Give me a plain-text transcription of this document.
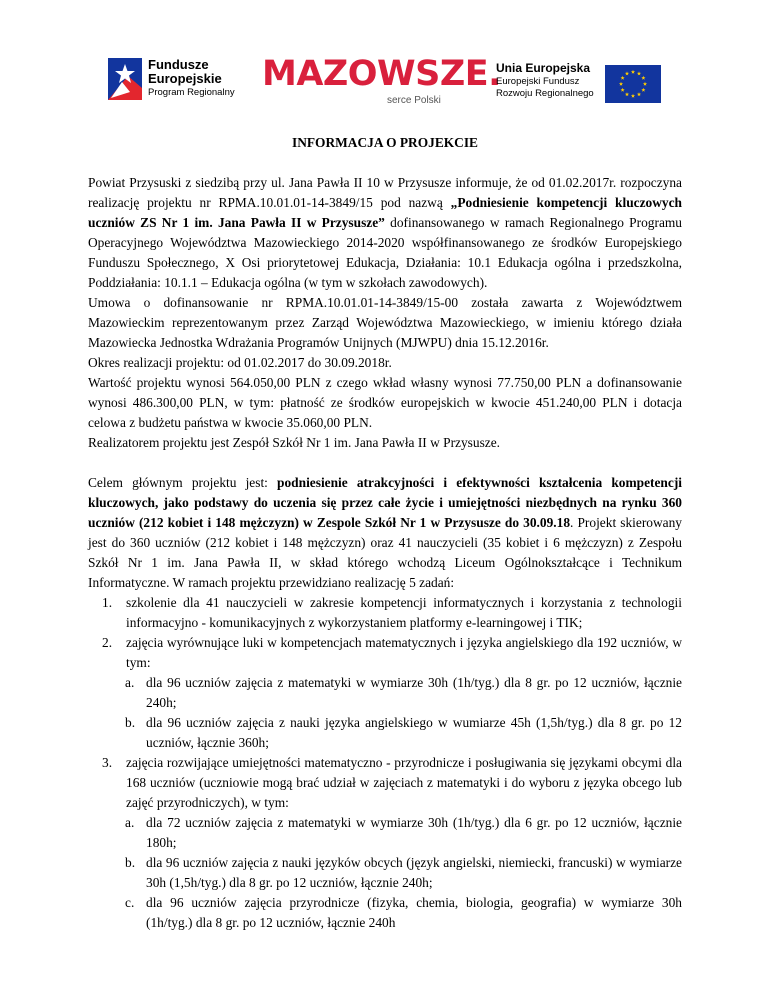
Fundusze
Europejskie
Program Regionalny MAZOWSZE.
serce Polski
Unia Europejska
Europejski Fundusz
Rozwoju Regionalnego
INFORMACJA O PROJEKCIE

Powiat Przysuski z siedzibą przy ul. Jana Pawła II 10 w Przysusze informuje, że od 01.02.2017r. rozpoczyna realizację projektu nr RPMA.10.01.01-14-3849/15 pod nazwą „Podniesienie kompetencji kluczowych uczniów ZS Nr 1 im. Jana Pawła II w Przysusze” dofinansowanego w ramach Regionalnego Programu Operacyjnego Województwa Mazowieckiego 2014-2020 współfinansowanego ze środków Europejskiego Funduszu Społecznego, X Osi priorytetowej Edukacja, Działania: 10.1 Edukacja ogólna i przedszkolna, Poddziałania: 10.1.1 – Edukacja ogólna (w tym w szkołach zawodowych).

Umowa o dofinansowanie nr RPMA.10.01.01-14-3849/15-00 została zawarta z Województwem Mazowieckim reprezentowanym przez Zarząd Województwa Mazowieckiego, w imieniu którego działa Mazowiecka Jednostka Wdrażania Programów Unijnych (MJWPU) dnia 15.12.2016r.

Okres realizacji projektu: od 01.02.2017 do 30.09.2018r.

Wartość projektu wynosi 564.050,00 PLN z czego wkład własny wynosi 77.750,00 PLN a dofinansowanie wynosi 486.300,00 PLN, w tym: płatność ze środków europejskich w kwocie 451.240,00 PLN i dotacja celowa z budżetu państwa w kwocie 35.060,00 PLN.

Realizatorem projektu jest Zespół Szkół Nr 1 im. Jana Pawła II w Przysusze.

Celem głównym projektu jest: podniesienie atrakcyjności i efektywności kształcenia kompetencji kluczowych, jako podstawy do uczenia się przez całe życie i umiejętności niezbędnych na rynku 360 uczniów (212 kobiet i 148 mężczyzn) w Zespole Szkół Nr 1 w Przysusze do 30.09.18. Projekt skierowany jest do 360 uczniów (212 kobiet i 148 mężczyzn) oraz 41 nauczycieli (35 kobiet i 6 mężczyzn) z Zespołu Szkół Nr 1 im. Jana Pawła II, w skład którego wchodzą Liceum Ogólnokształcące i Technikum Informatyczne. W ramach projektu przewidziano realizację 5 zadań:

1. szkolenie dla 41 nauczycieli w zakresie kompetencji informatycznych i korzystania z technologii informacyjno - komunikacyjnych z wykorzystaniem platformy e-learningowej i TIK;
2. zajęcia wyrównujące luki w kompetencjach matematycznych i języka angielskiego dla 192 uczniów, w tym:
a. dla 96 uczniów zajęcia z matematyki w wymiarze 30h (1h/tyg.) dla 8 gr. po 12 uczniów, łącznie 240h;
b. dla 96 uczniów zajęcia z nauki języka angielskiego w wumiarze 45h (1,5h/tyg.) dla 8 gr. po 12 uczniów, łącznie 360h;
3. zajęcia rozwijające umiejętności matematyczno - przyrodnicze i posługiwania się językami obcymi dla 168 uczniów (uczniowie mogą brać udział w zajęciach z matematyki i do wyboru z języka obcego lub zajęć przyrodniczych), w tym:
a. dla 72 uczniów zajęcia z matematyki w wymiarze 30h (1h/tyg.) dla 6 gr. po 12 uczniów, łącznie 180h;
b. dla 96 uczniów zajęcia z nauki języków obcych (język angielski, niemiecki, francuski) w wymiarze 30h (1,5h/tyg.) dla 8 gr. po 12 uczniów, łącznie 240h;
c. dla 96 uczniów zajęcia przyrodnicze (fizyka, chemia, biologia, geografia) w wymiarze 30h (1h/tyg.) dla 8 gr. po 12 uczniów, łącznie 240h
